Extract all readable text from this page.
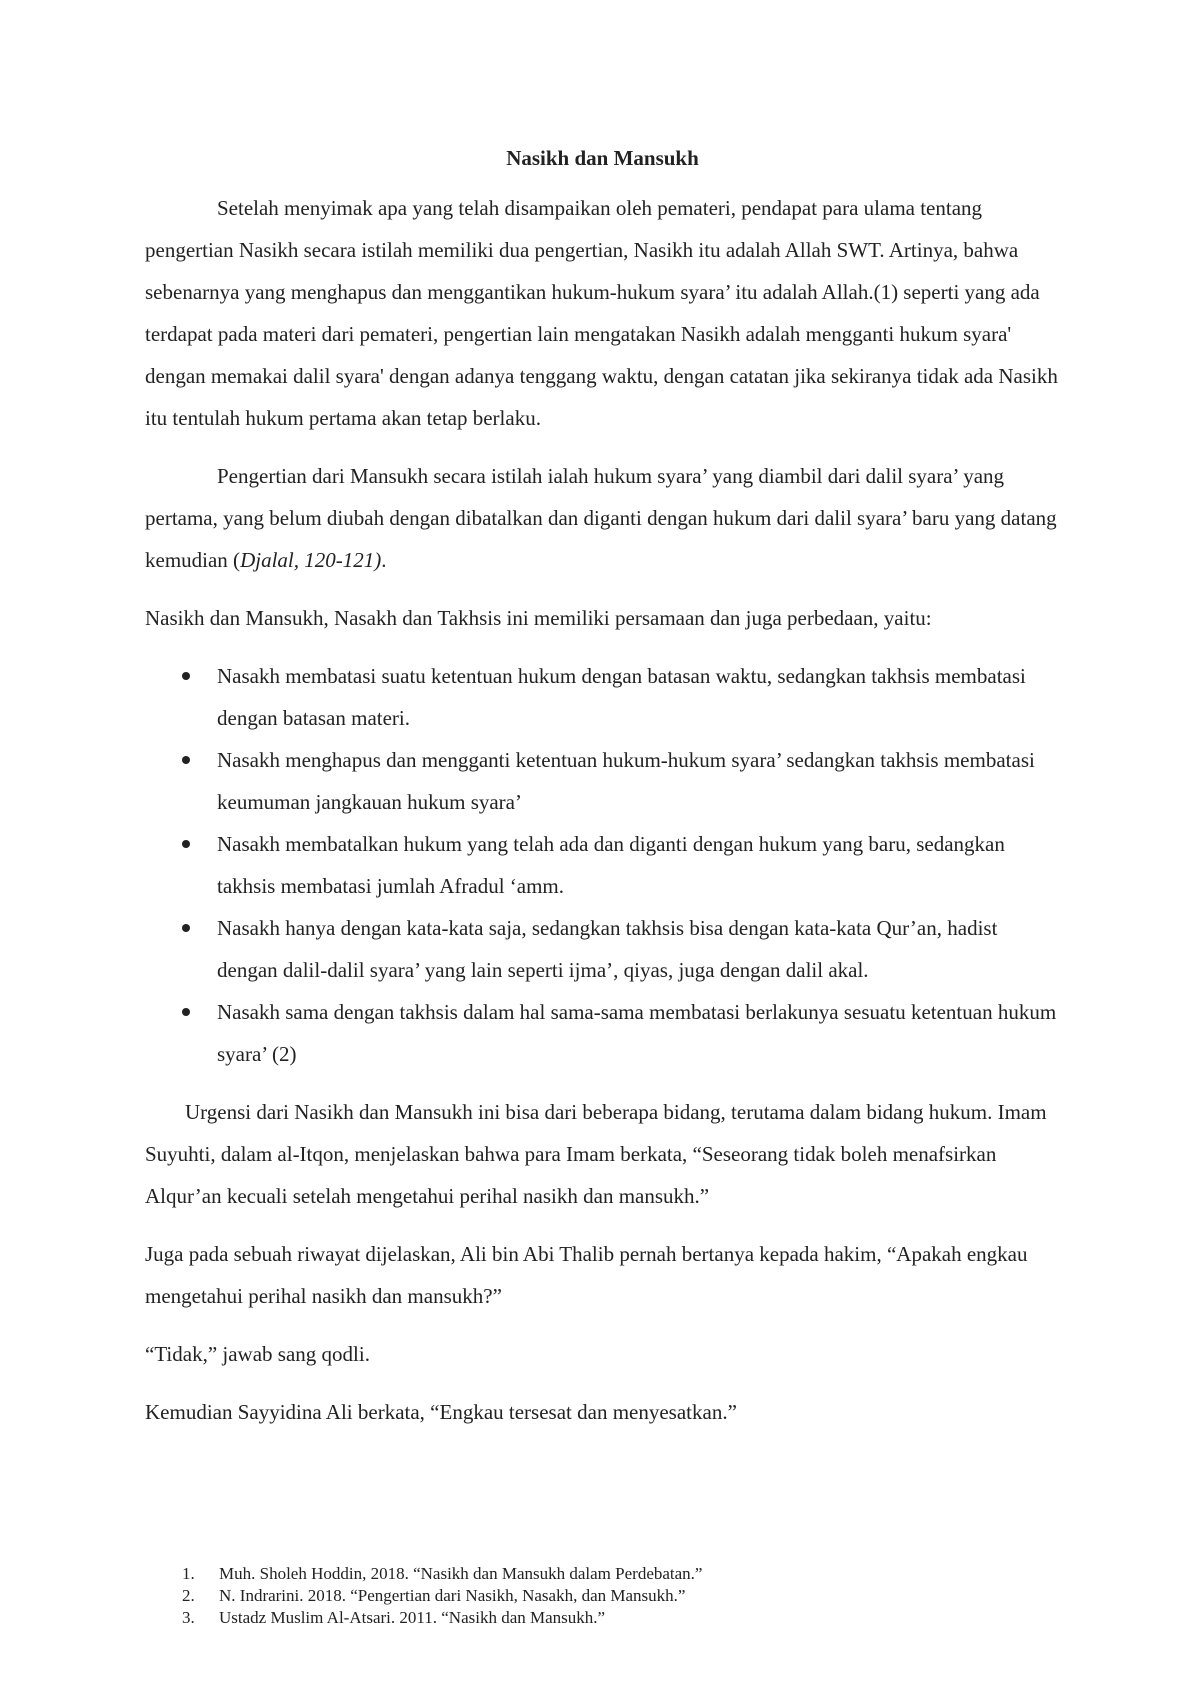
Nasikh dan Mansukh

Setelah menyimak apa yang telah disampaikan oleh pemateri, pendapat para ulama tentang pengertian Nasikh secara istilah memiliki dua pengertian, Nasikh itu adalah Allah SWT. Artinya, bahwa sebenarnya yang menghapus dan menggantikan hukum-hukum syara’ itu adalah Allah.(1) seperti yang ada terdapat pada materi dari pemateri, pengertian lain mengatakan Nasikh adalah mengganti hukum syara' dengan memakai dalil syara' dengan adanya tenggang waktu, dengan catatan jika sekiranya tidak ada Nasikh itu tentulah hukum pertama akan tetap berlaku.

Pengertian dari Mansukh secara istilah ialah hukum syara’ yang diambil dari dalil syara’ yang pertama, yang belum diubah dengan dibatalkan dan diganti dengan hukum dari dalil syara’ baru yang datang kemudian (Djalal, 120-121).

Nasikh dan Mansukh, Nasakh dan Takhsis ini memiliki persamaan dan juga perbedaan, yaitu:

Nasakh membatasi suatu ketentuan hukum dengan batasan waktu, sedangkan takhsis membatasi dengan batasan materi.
Nasakh menghapus dan mengganti ketentuan hukum-hukum syara’ sedangkan takhsis membatasi keumuman jangkauan hukum syara’
Nasakh membatalkan hukum yang telah ada dan diganti dengan hukum yang baru, sedangkan takhsis membatasi jumlah Afradul ‘amm.
Nasakh hanya dengan kata-kata saja, sedangkan takhsis bisa dengan kata-kata Qur’an, hadist dengan dalil-dalil syara’ yang lain seperti ijma’, qiyas, juga dengan dalil akal.
Nasakh sama dengan takhsis dalam hal sama-sama membatasi berlakunya sesuatu ketentuan hukum syara’ (2)

Urgensi dari Nasikh dan Mansukh ini bisa dari beberapa bidang, terutama dalam bidang hukum. Imam Suyuhti, dalam al-Itqon, menjelaskan bahwa para Imam berkata, “Seseorang tidak boleh menafsirkan Alqur’an kecuali setelah mengetahui perihal nasikh dan mansukh.”

Juga pada sebuah riwayat dijelaskan, Ali bin Abi Thalib pernah bertanya kepada hakim, “Apakah engkau mengetahui perihal nasikh dan mansukh?”

“Tidak,” jawab sang qodli.

Kemudian Sayyidina Ali berkata, “Engkau tersesat dan menyesatkan.”

1. Muh. Sholeh Hoddin, 2018. “Nasikh dan Mansukh dalam Perdebatan.”
2. N. Indrarini. 2018. “Pengertian dari Nasikh, Nasakh, dan Mansukh.”
3. Ustadz Muslim Al-Atsari. 2011. “Nasikh dan Mansukh.”
